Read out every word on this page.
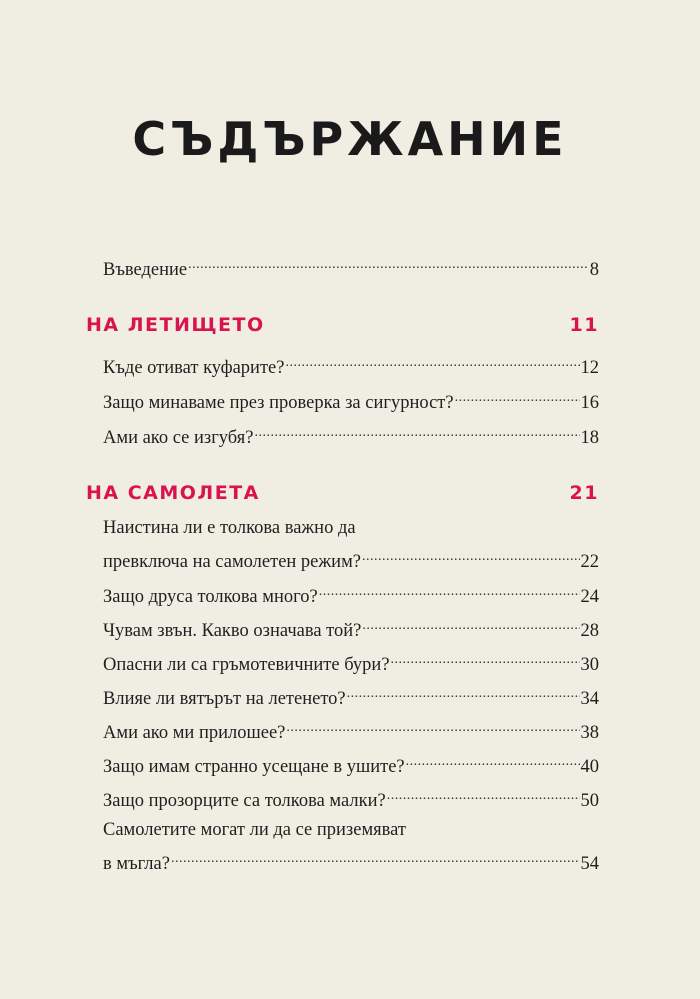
СЪДЪРЖАНИЕ
Въведение .....	8
НА ЛЕТИЩЕТО	11
Къде отиват куфарите? .....	12
Защо минаваме през проверка за сигурност? .....	16
Ами ако се изгубя? .....	18
НА САМОЛЕТА	21
Наистина ли е толкова важно да
превключа на самолетен режим? .....	22
Защо друса толкова много? .....	24
Чувам звън. Какво означава той? .....	28
Опасни ли са гръмотевичните бури? .....	30
Влияе ли вятърът на летенето? .....	34
Ами ако ми прилошее? .....	38
Защо имам странно усещане в ушите? .....	40
Защо прозорците са толкова малки? .....	50
Самолетите могат ли да се приземяват
в мъгла? .....	54
